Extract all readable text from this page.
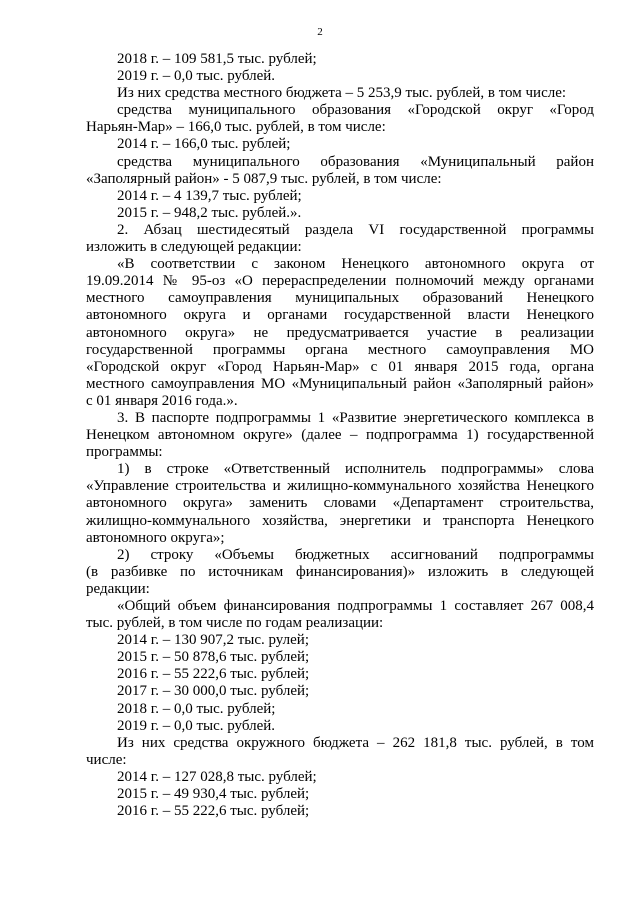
2
2018 г. – 109 581,5 тыс. рублей;
2019 г. – 0,0 тыс. рублей.
Из них средства местного бюджета – 5 253,9 тыс. рублей, в том числе:
средства муниципального образования «Городской округ «Город
Нарьян-Мар» – 166,0 тыс. рублей, в том числе:
2014 г. – 166,0 тыс. рублей;
средства муниципального образования «Муниципальный район
«Заполярный район» - 5 087,9 тыс. рублей, в том числе:
2014 г. – 4 139,7 тыс. рублей;
2015 г. – 948,2 тыс. рублей.».
2. Абзац шестидесятый раздела VI государственной программы
изложить в следующей редакции:
«В соответствии с законом Ненецкого автономного округа от
19.09.2014 № 95-оз «О перераспределении полномочий между органами
местного самоуправления муниципальных образований Ненецкого
автономного округа и органами государственной власти Ненецкого
автономного округа» не предусматривается участие в реализации
государственной программы органа местного самоуправления МО
«Городской округ «Город Нарьян-Мар» с 01 января 2015 года, органа
местного самоуправления МО «Муниципальный район «Заполярный район»
с 01 января 2016 года.».
3. В паспорте подпрограммы 1 «Развитие энергетического комплекса в
Ненецком автономном округе» (далее – подпрограмма 1) государственной
программы:
1) в строке «Ответственный исполнитель подпрограммы» слова
«Управление строительства и жилищно-коммунального хозяйства Ненецкого
автономного округа» заменить словами «Департамент строительства,
жилищно-коммунального хозяйства, энергетики и транспорта Ненецкого
автономного округа»;
2) строку «Объемы бюджетных ассигнований подпрограммы
(в разбивке по источникам финансирования)» изложить в следующей
редакции:
«Общий объем финансирования подпрограммы 1 составляет 267 008,4
тыс. рублей, в том числе по годам реализации:
2014 г. – 130 907,2 тыс. рулей;
2015 г. – 50 878,6 тыс. рублей;
2016 г. – 55 222,6 тыс. рублей;
2017 г. – 30 000,0 тыс. рублей;
2018 г. – 0,0 тыс. рублей;
2019 г. – 0,0 тыс. рублей.
Из них средства окружного бюджета – 262 181,8 тыс. рублей, в том
числе:
2014 г. – 127 028,8 тыс. рублей;
2015 г. – 49 930,4 тыс. рублей;
2016 г. – 55 222,6 тыс. рублей;
